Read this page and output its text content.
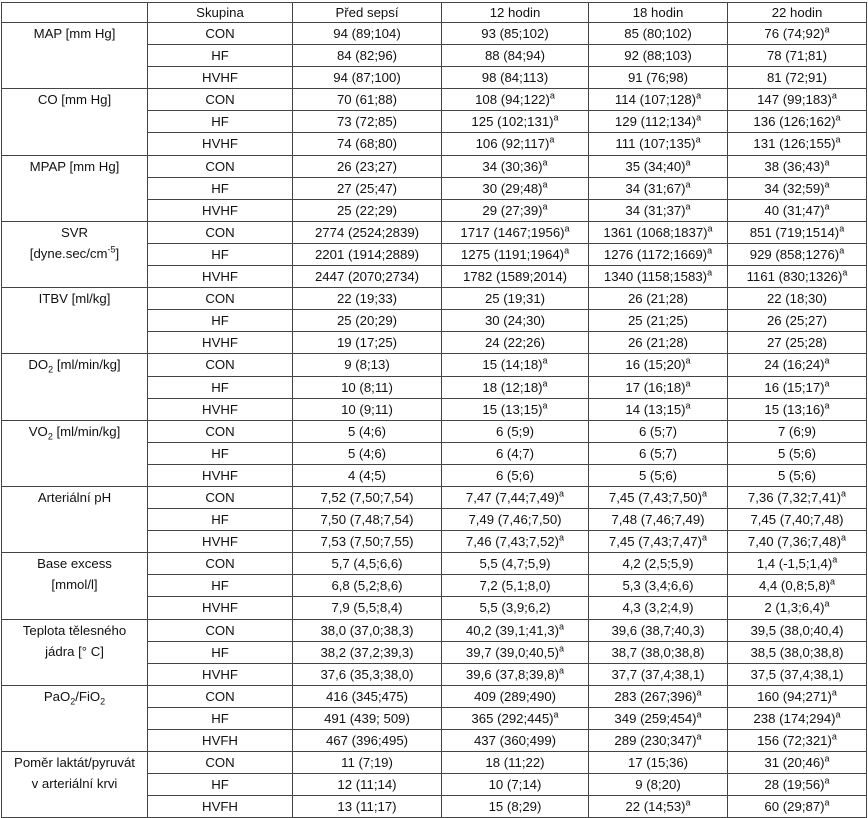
	Skupina	Před sepsí	12 hodin	18 hodin	22 hodin

MAP [mm Hg]	CON	94 (89;104)	93 (85;102)	85 (80;102)	76 (74;92)$^a$
	HF	84 (82;96)	88 (84;94)	92 (88;103)	78 (71;81)
	HVHF	94 (87;100)	98 (84;113)	91 (76;98)	81 (72;91)

CO [mm Hg]	CON	70 (61;88)	108 (94;122)$^a$	114 (107;128)$^a$	147 (99;183)$^a$
	HF	73 (72;85)	125 (102;131)$^a$	129 (112;134)$^a$	136 (126;162)$^a$
	HVHF	74 (68;80)	106 (92;117)$^a$	111 (107;135)$^a$	131 (126;155)$^a$

MPAP [mm Hg]	CON	26 (23;27)	34 (30;36)$^a$	35 (34;40)$^a$	38 (36;43)$^a$
	HF	27 (25;47)	30 (29;48)$^a$	34 (31;67)$^a$	34 (32;59)$^a$
	HVHF	25 (22;29)	29 (27;39)$^a$	34 (31;37)$^a$	40 (31;47)$^a$

SVR
$[dyne.\sec/cm^{-5}]$	CON	2774 (2524;2839)	1717 (1467;1956)$^a$	1361 (1068;1837)$^a$	851 (719;1514)$^a$
	HF	2201 (1914;2889)	1275 (1191;1964)$^a$	1276 (1172;1669)$^a$	929 (858;1276)$^a$
	HVHF	2447 (2070;2734)	1782 (1589;2014)	1340 (1158;1583)$^a$	1161 (830;1326)$^a$

ITBV [ml/kg]	CON	22 (19;33)	25 (19;31)	26 (21;28)	22 (18;30)
	HF	25 (20;29)	30 (24;30)	25 (21;25)	26 (25;27)
	HVHF	19 (17;25)	24 (22;26)	26 (21;28)	27 (25;28)

$DO_2$ [ml/min/kg]	CON	9 (8;13)	15 (14;18)$^a$	16 (15;20)$^a$	24 (16;24)$^a$
	HF	10 (8;11)	18 (12;18)$^a$	17 (16;18)$^a$	16 (15;17)$^a$
	HVHF	10 (9;11)	15 (13;15)$^a$	14 (13;15)$^a$	15 (13;16)$^a$

$VO_2$ [ml/min/kg]	CON	5 (4;6)	6 (5;9)	6 (5;7)	7 (6;9)
	HF	5 (4;6)	6 (4;7)	6 (5;7)	5 (5;6)
	HVHF	4 (4;5)	6 (5;6)	5 (5;6)	5 (5;6)

Arteriální pH	CON	7,52 (7,50;7,54)	7,47 (7,44;7,49)$^a$	7,45 (7,43;7,50)$^a$	7,36 (7,32;7,41)$^a$
	HF	7,50 (7,48;7,54)	7,49 (7,46;7,50)	7,48 (7,46;7,49)	7,45 (7,40;7,48)
	HVHF	7,53 (7,50;7,55)	7,46 (7,43;7,52)$^a$	7,45 (7,43;7,47)$^a$	7,40 (7,36;7,48)$^a$

Base excess
[mmol/l]	CON	5,7 (4,5;6,6)	5,5 (4,7;5,9)	4,2 (2,5;5,9)	1,4 (-1,5;1,4)$^a$
	HF	6,8 (5,2;8,6)	7,2 (5,1;8,0)	5,3 (3,4;6,6)	4,4 (0,8;5,8)$^a$
	HVHF	7,9 (5,5;8,4)	5,5 (3,9;6,2)	4,3 (3,2;4,9)	2 (1,3;6,4)$^a$

Teplota tělesného
jádra [° C]	CON	38,0 (37,0;38,3)	40,2 (39,1;41,3)$^a$	39,6 (38,7;40,3)	39,5 (38,0;40,4)
	HF	38,2 (37,2;39,3)	39,7 (39,0;40,5)$^a$	38,7 (38,0;38,8)	38,5 (38,0;38,8)
	HVHF	37,6 (35,3;38,0)	39,6 (37,8;39,8)$^a$	37,7 (37,4;38,1)	37,5 (37,4;38,1)

PaO$_2$/FiO$_2$	CON	416 (345;475)	409 (289;490)	283 (267;396)$^a$	160 (94;271)$^a$
	HF	491 (439; 509)	365 (292;445)$^a$	349 (259;454)$^a$	238 (174;294)$^a$
	HVFH	467 (396;495)	437 (360;499)	289 (230;347)$^a$	156 (72;321)$^a$

Poměr laktát/pyruvát
v arteriální krvi	CON	11 (7;19)	18 (11;22)	17 (15;36)	31 (20;46)$^a$
	HF	12 (11;14)	10 (7;14)	9 (8;20)	28 (19;56)$^a$
	HVFH	13 (11;17)	15 (8;29)	22 (14;53)$^a$	60 (29;87)$^a$
